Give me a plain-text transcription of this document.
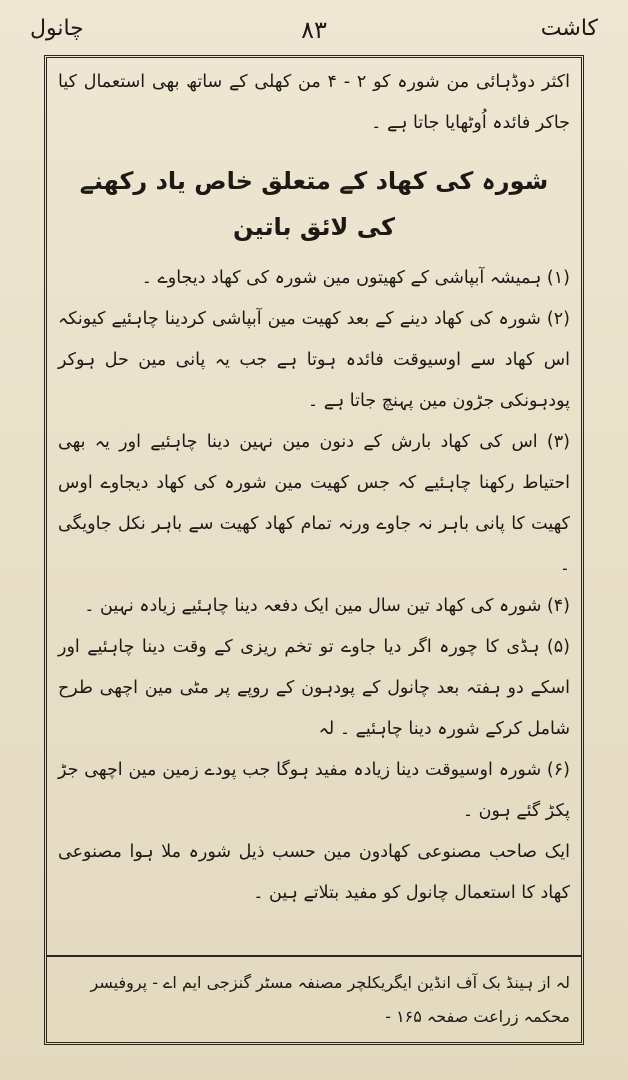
کاشت
۸۳
چانول

اکثر دوڈہائی من شورہ کو ۲ - ۴ من کھلی کے ساتھ بھی استعمال کیا جاکر فائدہ اُوٹھایا جاتا ہے ۔

شورہ کی کھاد کے متعلق خاص یاد رکھنے کی لائق باتین

(۱) ہمیشہ آبپاشی کے کھیتوں مین شورہ کی کھاد دیجاوے ۔

(۲) شورہ کی کھاد دینے کے بعد کھیت مین آبپاشی کردینا چاہئیے کیونکہ اس کھاد سے اوسیوقت فائدہ ہوتا ہے جب یہ پانی مین حل ہوکر پودہونکی جڑون مین پہنچ جاتا ہے ۔

(۳) اس کی کھاد بارش کے دنون مین نہین دینا چاہئیے اور یہ بھی احتیاط رکھنا چاہئیے کہ جس کھیت مین شورہ کی کھاد دیجاوے اوس کھیت کا پانی باہر نہ جاوے ورنہ تمام کھاد کھیت سے باہر نکل جاویگی ۔

(۴) شورہ کی کھاد تین سال مین ایک دفعہ دینا چاہئیے زیادہ نہین ۔

(۵) ہڈی کا چورہ اگر دیا جاوے تو تخم ریزی کے وقت دینا چاہئیے اور اسکے دو ہفتہ بعد چانول کے پودہون کے روپے پر مٹی مین اچھی طرح شامل کرکے شورہ دینا چاہئیے ۔ لہ

(۶) شورہ اوسیوقت دینا زیادہ مفید ہوگا جب پودے زمین مین اچھی جڑ پکڑ گئے ہون ۔

ایک صاحب مصنوعی کھادون مین حسب ذیل شورہ ملا ہوا مصنوعی کھاد کا استعمال چانول کو مفید بتلاتے ہین ۔

لہ از ہینڈ بک آف انڈین ایگریکلچر مصنفہ مسٹر گنزجی ایم اے - پروفیسر محکمہ زراعت صفحہ ۱۶۵ -
